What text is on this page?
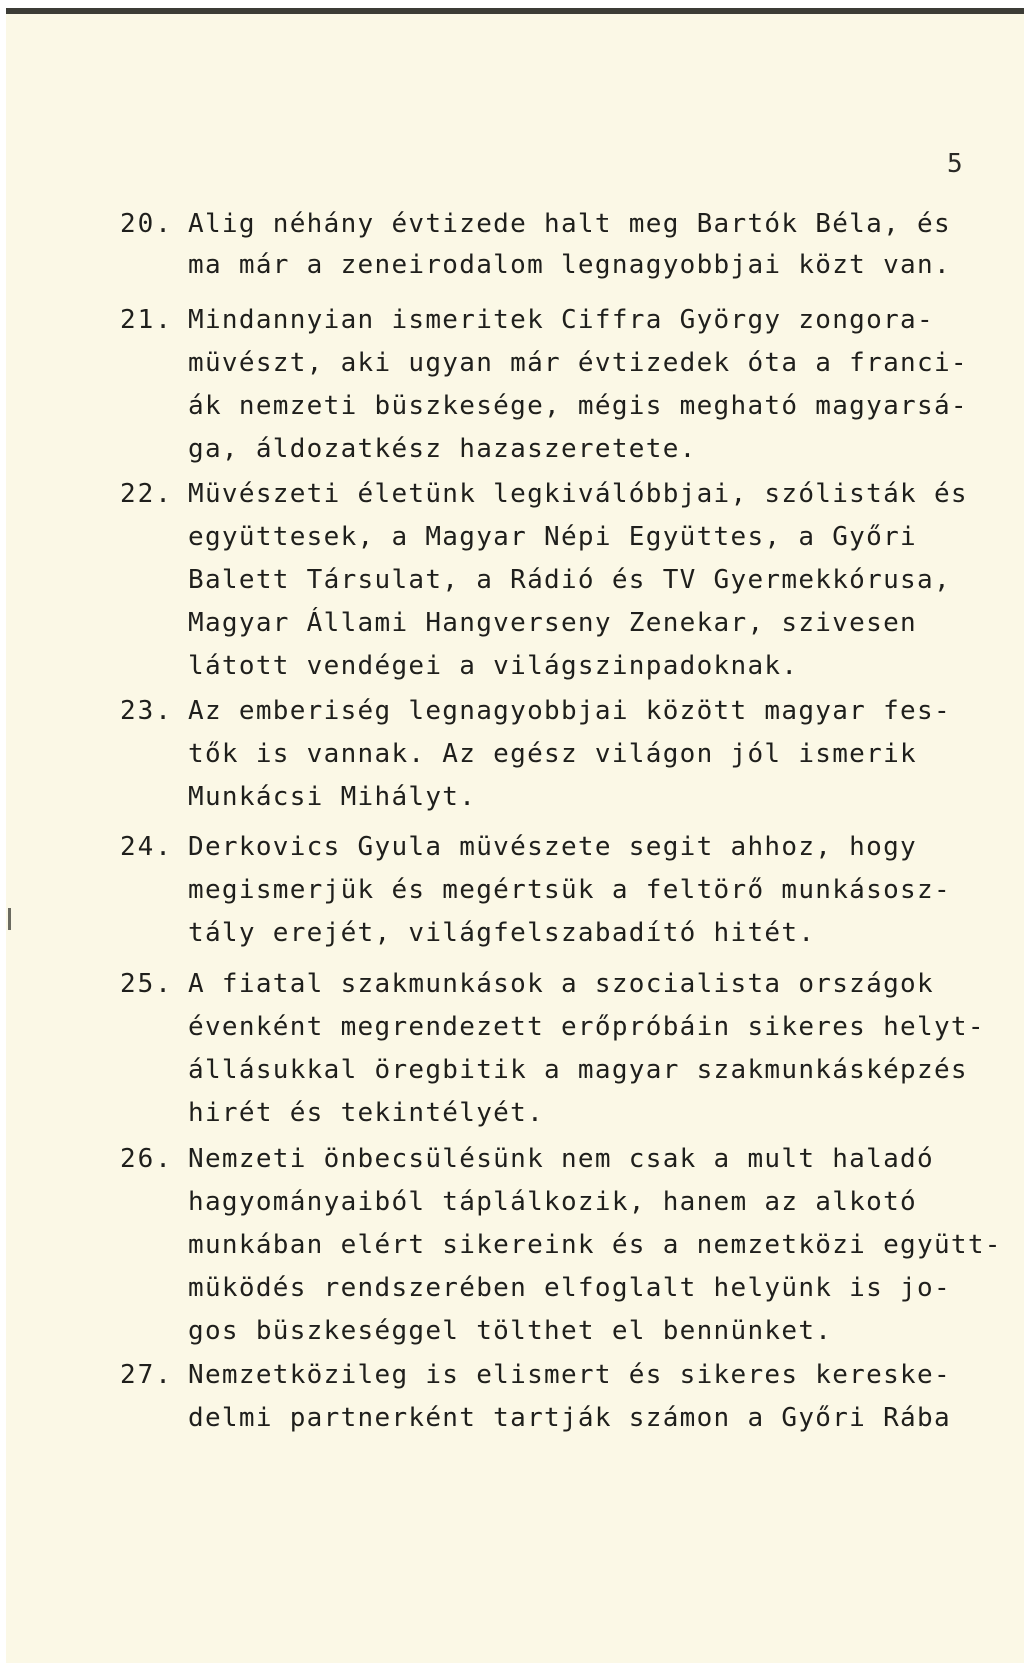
5
20. Alig néhány évtizede halt meg Bartók Béla, és
ma már a zeneirodalom legnagyobbjai közt van.
21. Mindannyian ismeritek Ciffra György zongora-
müvészt, aki ugyan már évtizedek óta a franci-
ák nemzeti büszkesége, mégis megható magyarsá-
ga, áldozatkész hazaszeretete.
22. Müvészeti életünk legkiválóbbjai, szólisták és
együttesek, a Magyar Népi Együttes, a Győri
Balett Társulat, a Rádió és TV Gyermekkórusa,
Magyar Állami Hangverseny Zenekar, szivesen
látott vendégei a világszinpadoknak.
23. Az emberiség legnagyobbjai között magyar fes-
tők is vannak. Az egész világon jól ismerik
Munkácsi Mihályt.
24. Derkovics Gyula müvészete segit ahhoz, hogy
megismerjük és megértsük a feltörő munkásosz-
tály erejét, világfelszabadító hitét.
25. A fiatal szakmunkások a szocialista országok
évenként megrendezett erőpróbáin sikeres helyt-
állásukkal öregbitik a magyar szakmunkásképzés
hirét és tekintélyét.
26. Nemzeti önbecsülésünk nem csak a mult haladó
hagyományaiból táplálkozik, hanem az alkotó
munkában elért sikereink és a nemzetközi együtt-
müködés rendszerében elfoglalt helyünk is jo-
gos büszkeséggel tölthet el bennünket.
27. Nemzetközileg is elismert és sikeres kereske-
delmi partnerként tartják számon a Győri Rába
